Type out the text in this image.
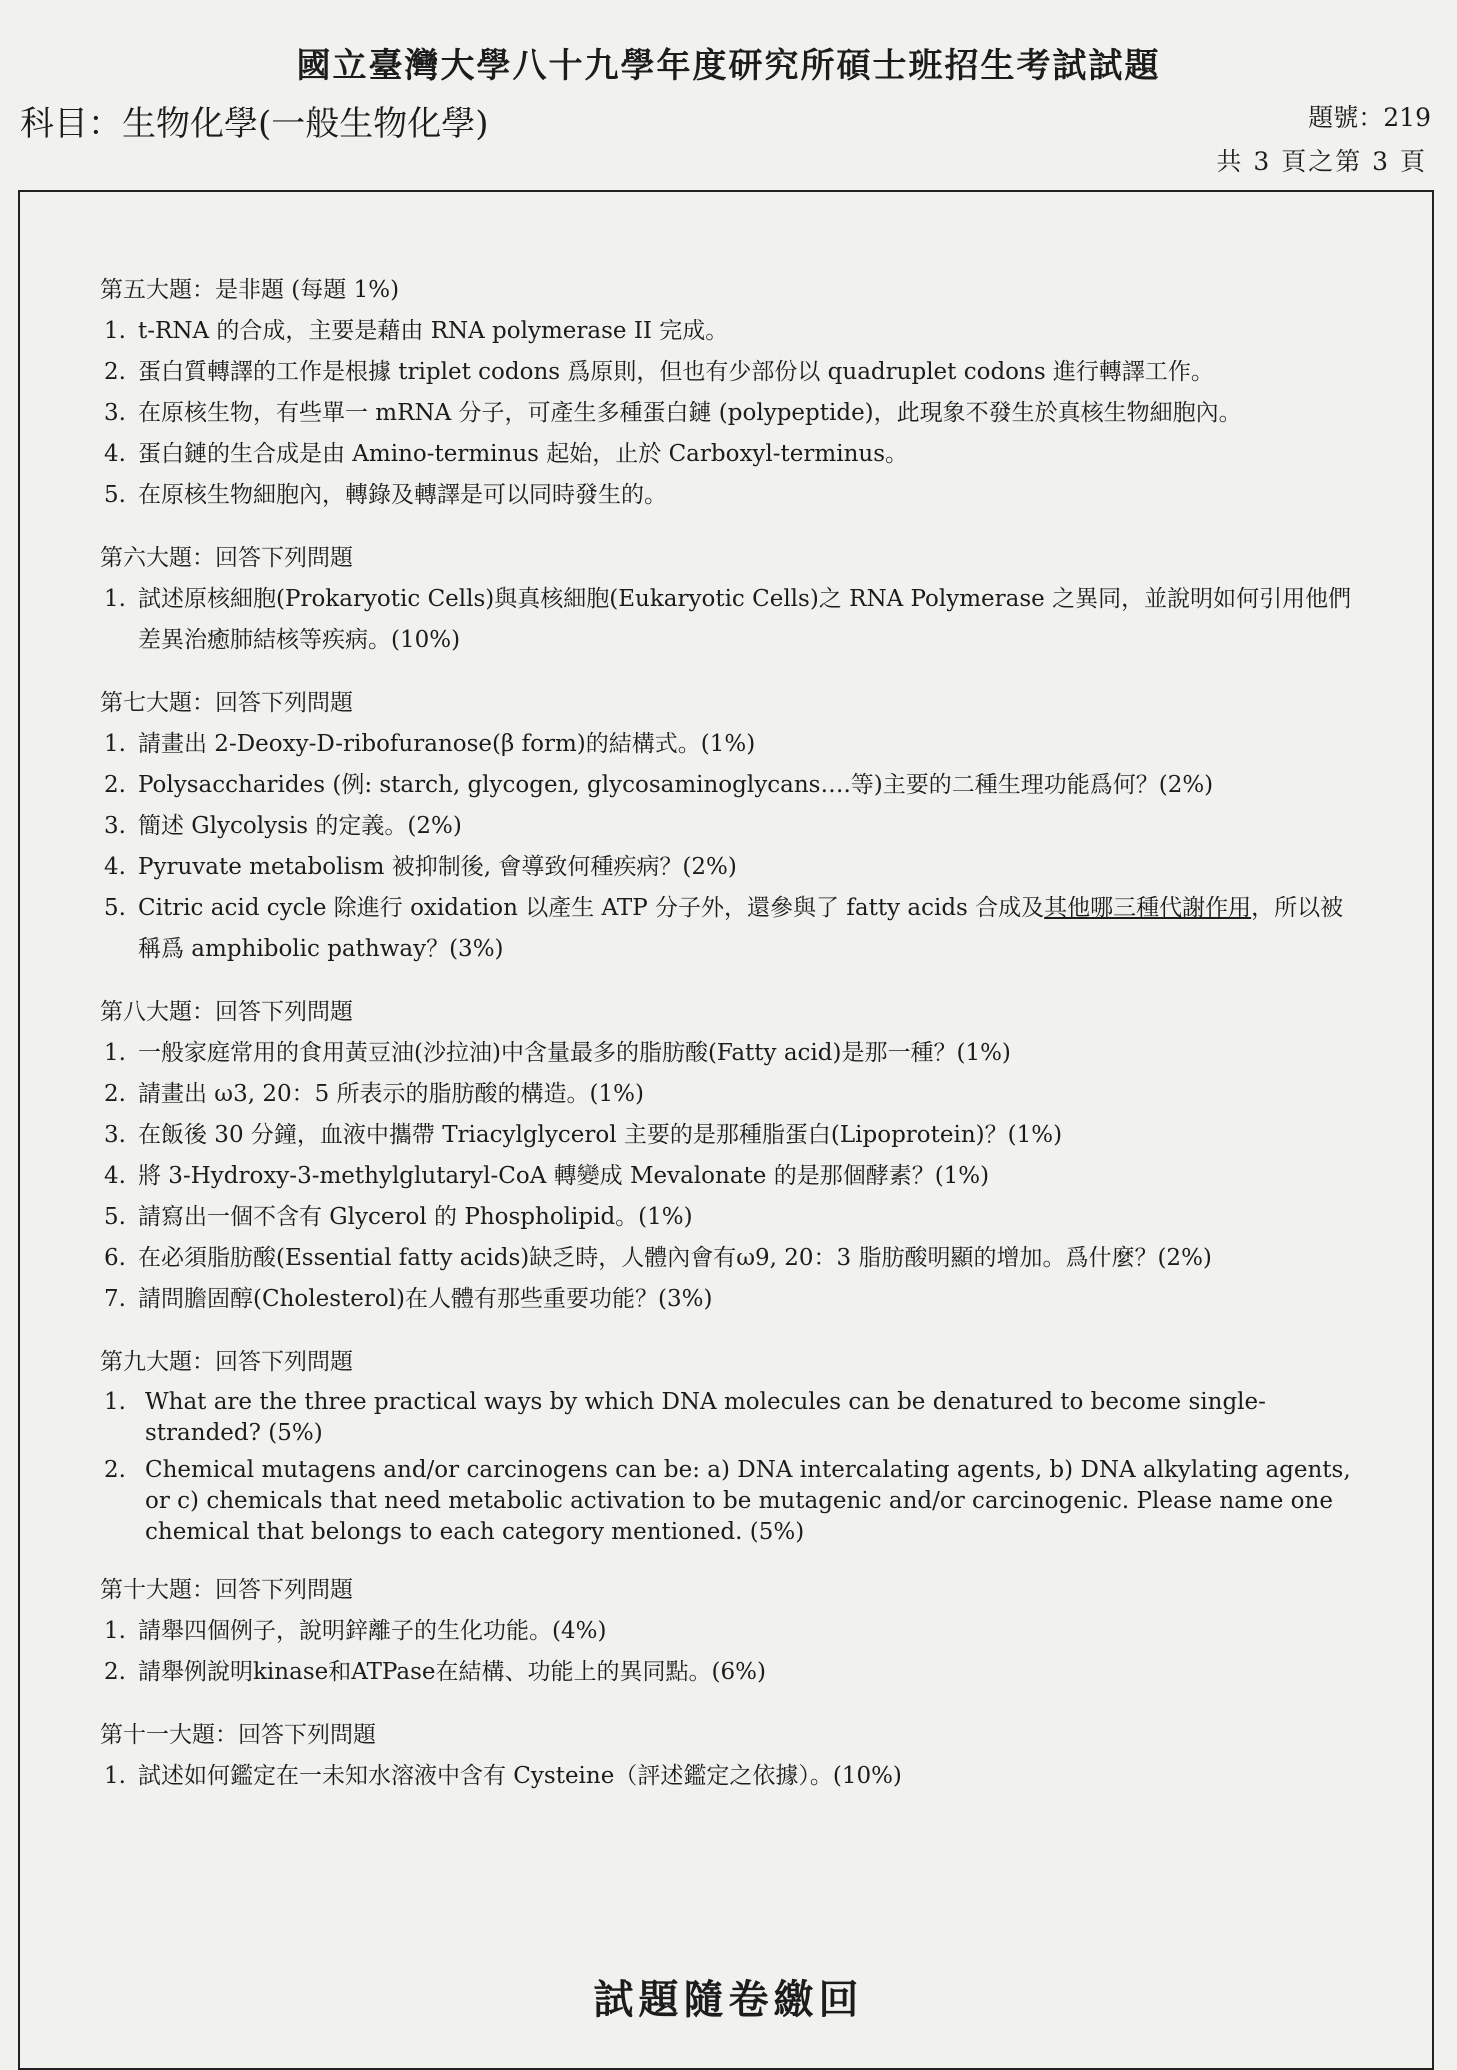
國立臺灣大學八十九學年度研究所碩士班招生考試試題
科目：生物化學(一般生物化學)	題號：219
共 3 頁之第 3 頁
第五大題：是非題 (每題 1%)
1. t-RNA 的合成，主要是藉由 RNA polymerase II 完成。
2. 蛋白質轉譯的工作是根據 triplet codons 爲原則，但也有少部份以 quadruplet codons 進行轉譯工作。
3. 在原核生物，有些單一 mRNA 分子，可產生多種蛋白鏈 (polypeptide)，此現象不發生於真核生物細胞內。
4. 蛋白鏈的生合成是由 Amino-terminus 起始，止於 Carboxyl-terminus。
5. 在原核生物細胞內，轉錄及轉譯是可以同時發生的。
第六大題：回答下列問題
1. 試述原核細胞(Prokaryotic Cells)與真核細胞(Eukaryotic Cells)之 RNA Polymerase 之異同，並說明如何引用他們差異治癒肺結核等疾病。(10%)
第七大題：回答下列問題
1. 請畫出 2-Deoxy-D-ribofuranose(β form)的結構式。(1%)
2. Polysaccharides (例: starch, glycogen, glycosaminoglycans….等)主要的二種生理功能爲何？(2%)
3. 簡述 Glycolysis 的定義。(2%)
4. Pyruvate metabolism 被抑制後, 會導致何種疾病？(2%)
5. Citric acid cycle 除進行 oxidation 以產生 ATP 分子外，還參與了 fatty acids 合成及其他哪三種代謝作用，所以被稱爲 amphibolic pathway？(3%)
第八大題：回答下列問題
1. 一般家庭常用的食用黃豆油(沙拉油)中含量最多的脂肪酸(Fatty acid)是那一種？(1%)
2. 請畫出 ω3, 20：5 所表示的脂肪酸的構造。(1%)
3. 在飯後 30 分鐘，血液中攜帶 Triacylglycerol 主要的是那種脂蛋白(Lipoprotein)？(1%)
4. 將 3-Hydroxy-3-methylglutaryl-CoA 轉變成 Mevalonate 的是那個酵素？(1%)
5. 請寫出一個不含有 Glycerol 的 Phospholipid。(1%)
6. 在必須脂肪酸(Essential fatty acids)缺乏時，人體內會有ω9, 20：3 脂肪酸明顯的增加。爲什麼？(2%)
7. 請問膽固醇(Cholesterol)在人體有那些重要功能？(3%)
第九大題：回答下列問題
1. What are the three practical ways by which DNA molecules can be denatured to become single-stranded? (5%)
2. Chemical mutagens and/or carcinogens can be: a) DNA intercalating agents, b) DNA alkylating agents, or c) chemicals that need metabolic activation to be mutagenic and/or carcinogenic. Please name one chemical that belongs to each category mentioned. (5%)
第十大題：回答下列問題
1. 請舉四個例子，說明鋅離子的生化功能。(4%)
2. 請舉例說明kinase和ATPase在結構、功能上的異同點。(6%)
第十一大題：回答下列問題
1. 試述如何鑑定在一未知水溶液中含有 Cysteine（評述鑑定之依據）。(10%)
試題隨卷繳回
